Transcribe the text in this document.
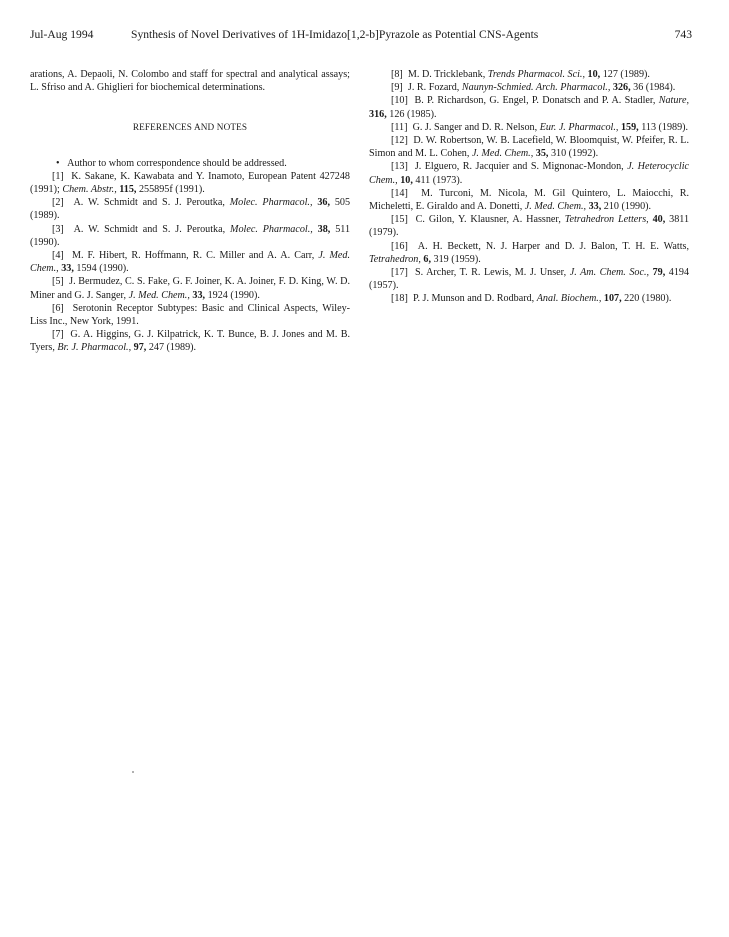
Jul-Aug 1994	Synthesis of Novel Derivatives of 1H-Imidazo[1,2-b]Pyrazole as Potential CNS-Agents	743

arations, A. Depaoli, N. Colombo and staff for spectral and analytical assays; L. Sfriso and A. Ghiglieri for biochemical determinations.

REFERENCES AND NOTES

• Author to whom correspondence should be addressed.

[1] K. Sakane, K. Kawabata and Y. Inamoto, European Patent 427248 (1991); Chem. Abstr., 115, 255895f (1991).

[2] A. W. Schmidt and S. J. Peroutka, Molec. Pharmacol., 36, 505 (1989).

[3] A. W. Schmidt and S. J. Peroutka, Molec. Pharmacol., 38, 511 (1990).

[4] M. F. Hibert, R. Hoffmann, R. C. Miller and A. A. Carr, J. Med. Chem., 33, 1594 (1990).

[5] J. Bermudez, C. S. Fake, G. F. Joiner, K. A. Joiner, F. D. King, W. D. Miner and G. J. Sanger, J. Med. Chem., 33, 1924 (1990).

[6] Serotonin Receptor Subtypes: Basic and Clinical Aspects, Wiley-Liss Inc., New York, 1991.

[7] G. A. Higgins, G. J. Kilpatrick, K. T. Bunce, B. J. Jones and M. B. Tyers, Br. J. Pharmacol., 97, 247 (1989).

[8] M. D. Tricklebank, Trends Pharmacol. Sci., 10, 127 (1989).

[9] J. R. Fozard, Naunyn-Schmied. Arch. Pharmacol., 326, 36 (1984).

[10] B. P. Richardson, G. Engel, P. Donatsch and P. A. Stadler, Nature, 316, 126 (1985).

[11] G. J. Sanger and D. R. Nelson, Eur. J. Pharmacol., 159, 113 (1989).

[12] D. W. Robertson, W. B. Lacefield, W. Bloomquist, W. Pfeifer, R. L. Simon and M. L. Cohen, J. Med. Chem., 35, 310 (1992).

[13] J. Elguero, R. Jacquier and S. Mignonac-Mondon, J. Heterocyclic Chem., 10, 411 (1973).

[14] M. Turconi, M. Nicola, M. Gil Quintero, L. Maiocchi, R. Micheletti, E. Giraldo and A. Donetti, J. Med. Chem., 33, 210 (1990).

[15] C. Gilon, Y. Klausner, A. Hassner, Tetrahedron Letters, 40, 3811 (1979).

[16] A. H. Beckett, N. J. Harper and D. J. Balon, T. H. E. Watts, Tetrahedron, 6, 319 (1959).

[17] S. Archer, T. R. Lewis, M. J. Unser, J. Am. Chem. Soc., 79, 4194 (1957).

[18] P. J. Munson and D. Rodbard, Anal. Biochem., 107, 220 (1980).
